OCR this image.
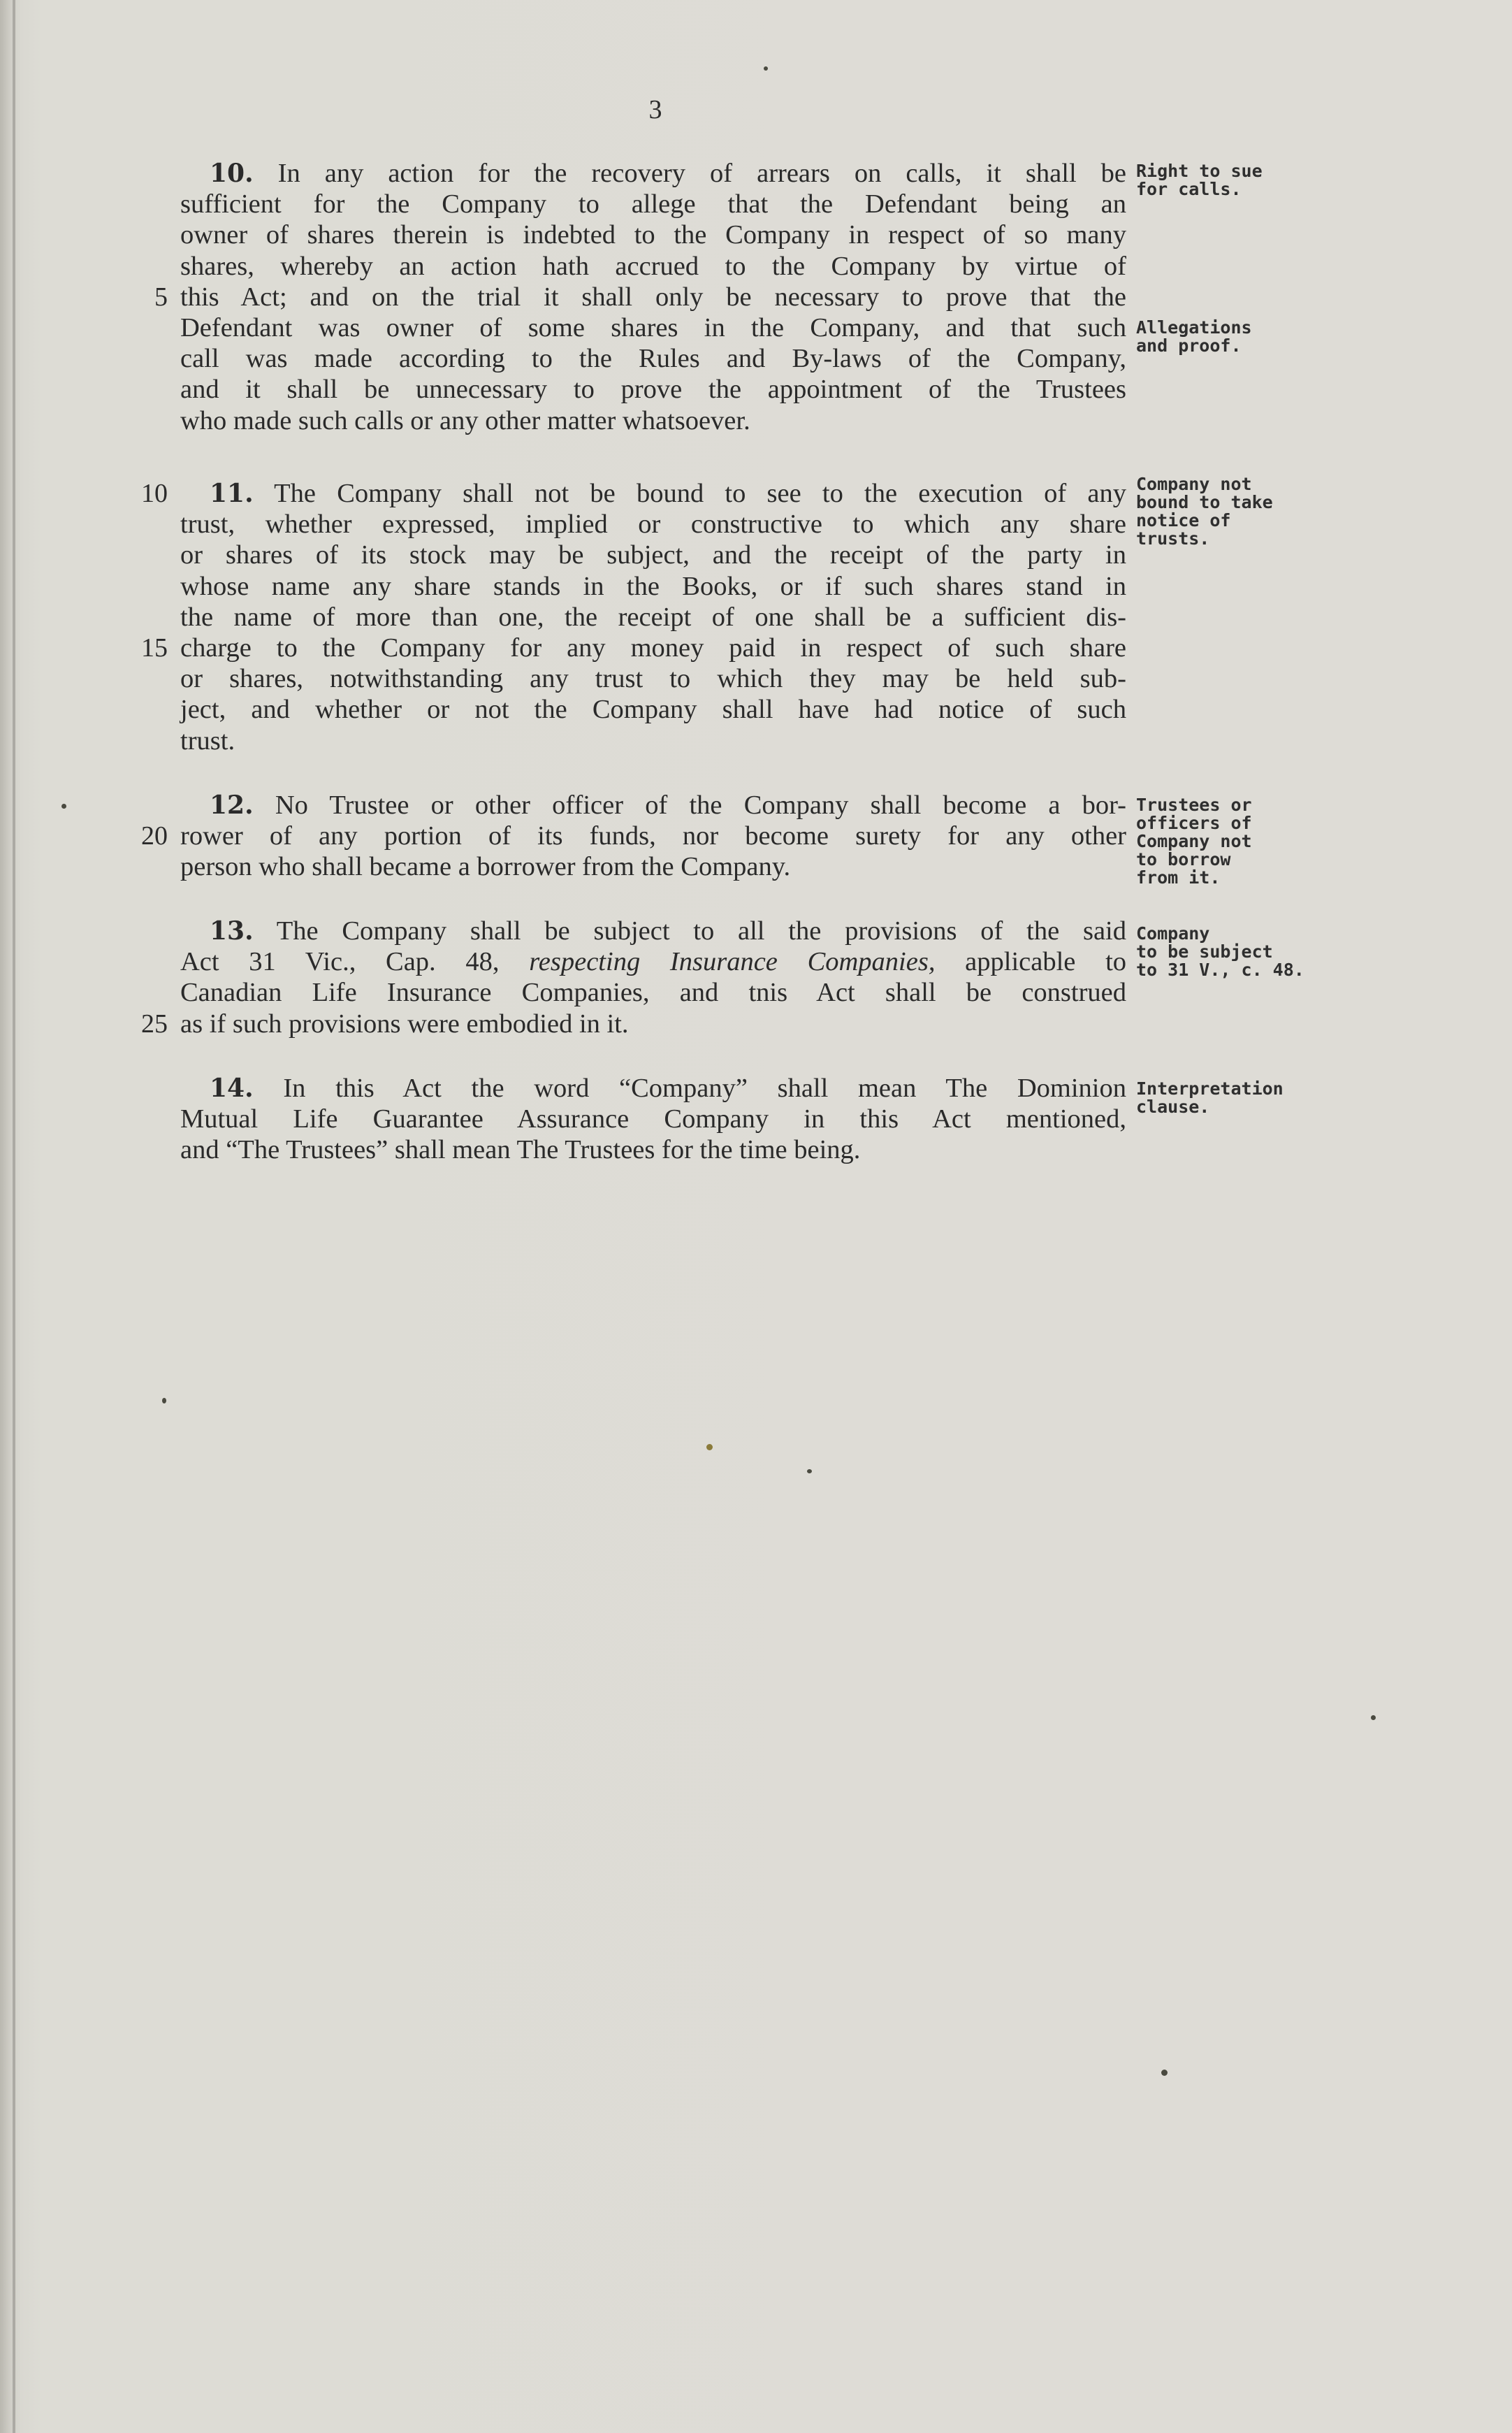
3
10. In any action for the recovery of arrears on calls, it shall be
sufficient for the Company to allege that the Defendant being an
owner of shares therein is indebted to the Company in respect of so many
shares, whereby an action hath accrued to the Company by virtue of
this Act; and on the trial it shall only be necessary to prove that the
Defendant was owner of some shares in the Company, and that such
call was made according to the Rules and By-laws of the Company,
and it shall be unnecessary to prove the appointment of the Trustees
who made such calls or any other matter whatsoever.
11. The Company shall not be bound to see to the execution of any
trust, whether expressed, implied or constructive to which any share
or shares of its stock may be subject, and the receipt of the party in
whose name any share stands in the Books, or if such shares stand in
the name of more than one, the receipt of one shall be a sufficient dis-
charge to the Company for any money paid in respect of such share
or shares, notwithstanding any trust to which they may be held sub-
ject, and whether or not the Company shall have had notice of such
trust.
12. No Trustee or other officer of the Company shall become a bor-
rower of any portion of its funds, nor become surety for any other
person who shall became a borrower from the Company.
13. The Company shall be subject to all the provisions of the said
Act 31 Vic., Cap. 48, respecting Insurance Companies, applicable to
Canadian Life Insurance Companies, and tnis Act shall be construed
as if such provisions were embodied in it.
14. In this Act the word “Company” shall mean The Dominion
Mutual Life Guarantee Assurance Company in this Act mentioned,
and “The Trustees” shall mean The Trustees for the time being.
5
10
15
20
25
Right to sue
for calls.
Allegations
and proof.
Company not
bound to take
notice of
trusts.
Trustees or
officers of
Company not
to borrow
from it.
Company
to be subject
to 31 V., c. 48.
Interpretation
clause.
